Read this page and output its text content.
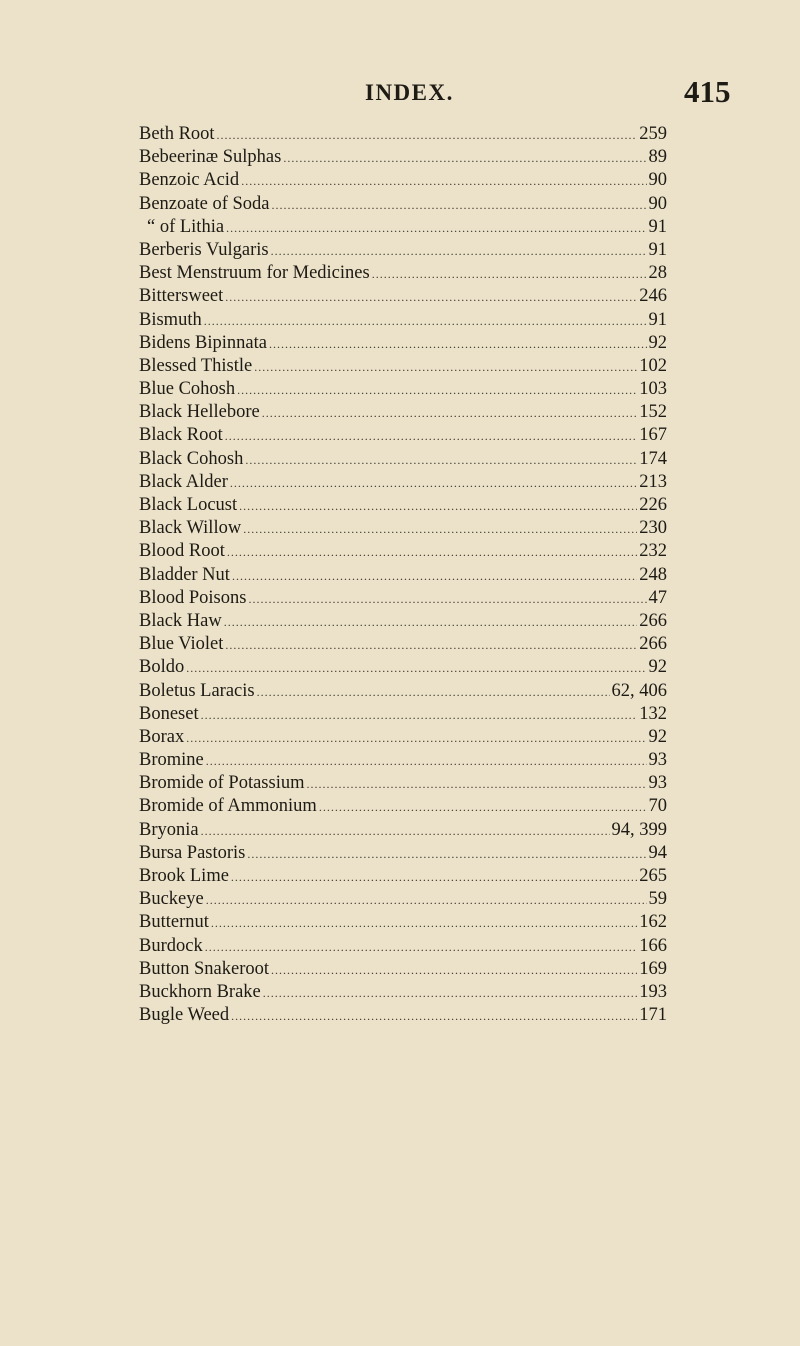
INDEX.	415
Beth Root .....	259
Bebeerinæ Sulphas .....	89
Benzoic Acid .....	90
Benzoate of Soda .....	90
“ of Lithia .....	91
Berberis Vulgaris .....	91
Best Menstruum for Medicines .....	28
Bittersweet .....	246
Bismuth .....	91
Bidens Bipinnata .....	92
Blessed Thistle .....	102
Blue Cohosh .....	103
Black Hellebore .....	152
Black Root .....	167
Black Cohosh .....	174
Black Alder .....	213
Black Locust .....	226
Black Willow .....	230
Blood Root .....	232
Bladder Nut .....	248
Blood Poisons .....	47
Black Haw .....	266
Blue Violet .....	266
Boldo .....	92
Boletus Laracis .....	62, 406
Boneset .....	132
Borax .....	92
Bromine .....	93
Bromide of Potassium .....	93
Bromide of Ammonium .....	70
Bryonia .....	94, 399
Bursa Pastoris .....	94
Brook Lime .....	265
Buckeye .....	59
Butternut .....	162
Burdock .....	166
Button Snakeroot .....	169
Buckhorn Brake .....	193
Bugle Weed .....	171
